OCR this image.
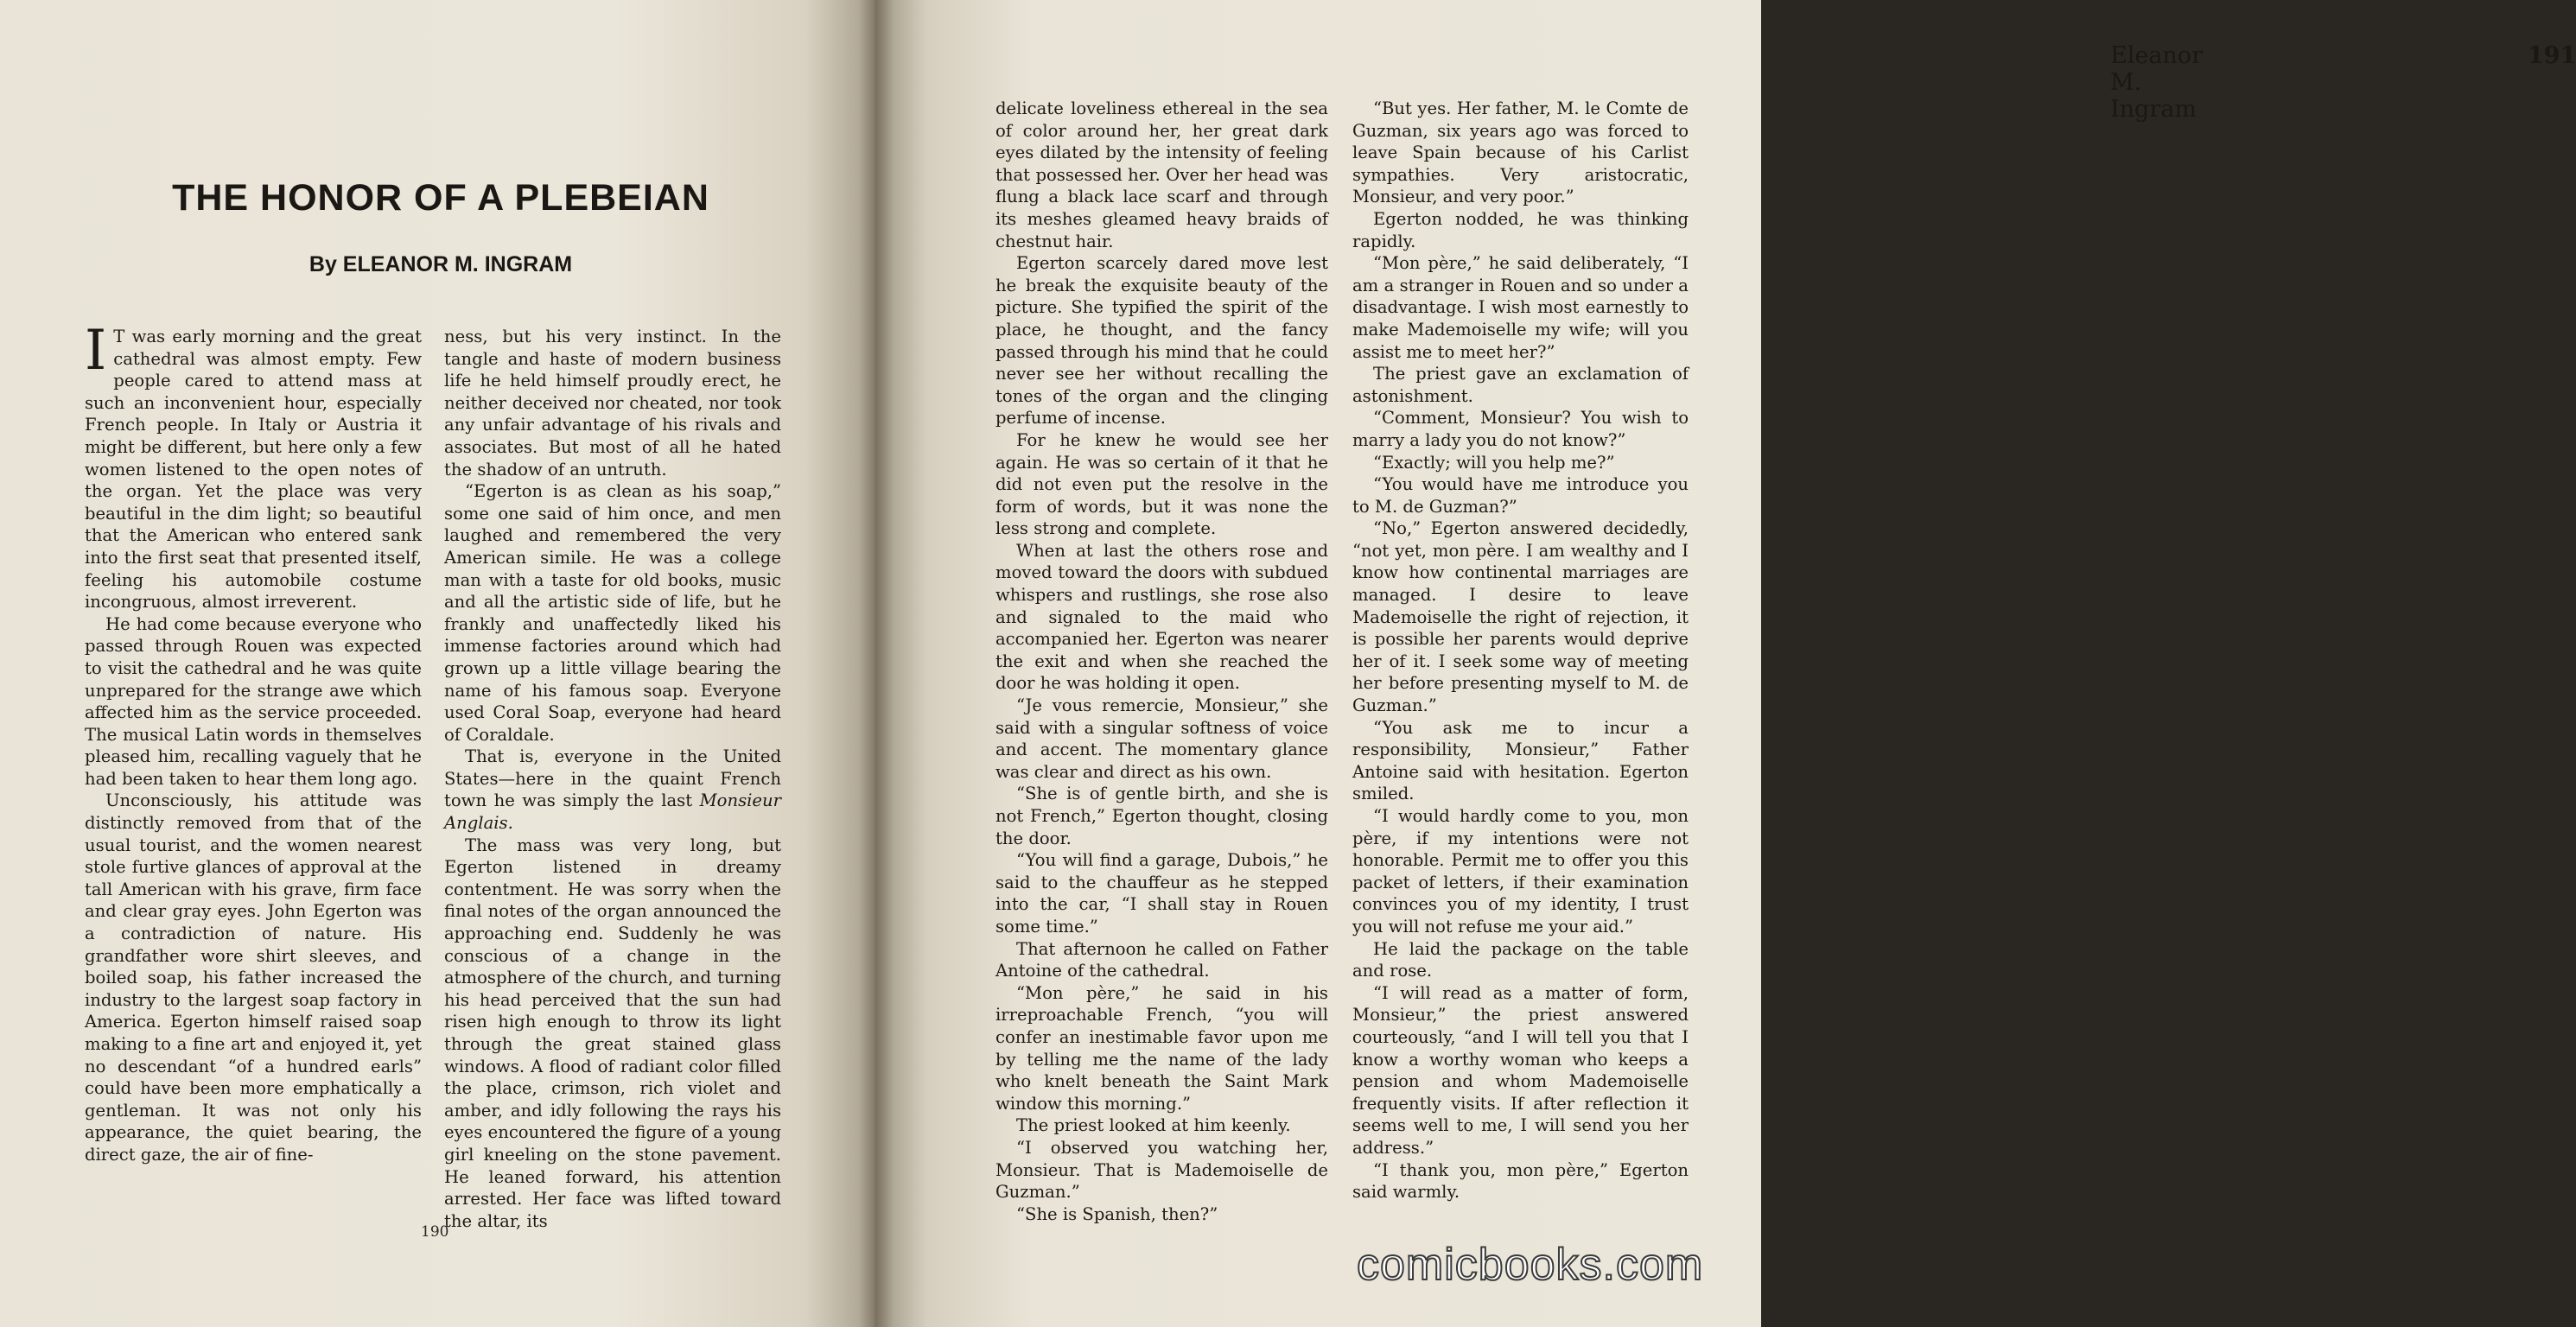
THE HONOR OF A PLEBEIAN
By ELEANOR M. INGRAM

I T was early morning and the great cathedral was almost empty. Few people cared to attend mass at such an inconvenient hour, especially French people. In Italy or Austria it might be different, but here only a few women listened to the open notes of the organ. Yet the place was very beautiful in the dim light; so beautiful that the American who entered sank into the first seat that presented itself, feeling his automobile costume incongruous, almost irreverent.

He had come because everyone who passed through Rouen was expected to visit the cathedral and he was quite unprepared for the strange awe which affected him as the service proceeded. The musical Latin words in themselves pleased him, recalling vaguely that he had been taken to hear them long ago.

Unconsciously, his attitude was distinctly removed from that of the usual tourist, and the women nearest stole furtive glances of approval at the tall American with his grave, firm face and clear gray eyes. John Egerton was a contradiction of nature. His grandfather wore shirt sleeves, and boiled soap, his father increased the industry to the largest soap factory in America. Egerton himself raised soap making to a fine art and enjoyed it, yet no descendant “of a hundred earls” could have been more emphatically a gentleman. It was not only his appearance, the quiet bearing, the direct gaze, the air of fine-

ness, but his very instinct. In the tangle and haste of modern business life he held himself proudly erect, he neither deceived nor cheated, nor took any unfair advantage of his rivals and associates. But most of all he hated the shadow of an untruth.

“Egerton is as clean as his soap,” some one said of him once, and men laughed and remembered the very American simile. He was a college man with a taste for old books, music and all the artistic side of life, but he frankly and unaffectedly liked his immense factories around which had grown up a little village bearing the name of his famous soap. Everyone used Coral Soap, everyone had heard of Coraldale.

That is, everyone in the United States—here in the quaint French town he was simply the last Monsieur Anglais.

The mass was very long, but Egerton listened in dreamy contentment. He was sorry when the final notes of the organ announced the approaching end. Suddenly he was conscious of a change in the atmosphere of the church, and turning his head perceived that the sun had risen high enough to throw its light through the great stained glass windows. A flood of radiant color filled the place, crimson, rich violet and amber, and idly following the rays his eyes encountered the figure of a young girl kneeling on the stone pavement. He leaned forward, his attention arrested. Her face was lifted toward the altar, its

190
Eleanor M. Ingram
191

delicate loveliness ethereal in the sea of color around her, her great dark eyes dilated by the intensity of feeling that possessed her. Over her head was flung a black lace scarf and through its meshes gleamed heavy braids of chestnut hair.

Egerton scarcely dared move lest he break the exquisite beauty of the picture. She typified the spirit of the place, he thought, and the fancy passed through his mind that he could never see her without recalling the tones of the organ and the clinging perfume of incense.

For he knew he would see her again. He was so certain of it that he did not even put the resolve in the form of words, but it was none the less strong and complete.

When at last the others rose and moved toward the doors with subdued whispers and rustlings, she rose also and signaled to the maid who accompanied her. Egerton was nearer the exit and when she reached the door he was holding it open.

“Je vous remercie, Monsieur,” she said with a singular softness of voice and accent. The momentary glance was clear and direct as his own.

“She is of gentle birth, and she is not French,” Egerton thought, closing the door.

“You will find a garage, Dubois,” he said to the chauffeur as he stepped into the car, “I shall stay in Rouen some time.”

That afternoon he called on Father Antoine of the cathedral.

“Mon père,” he said in his irreproachable French, “you will confer an inestimable favor upon me by telling me the name of the lady who knelt beneath the Saint Mark window this morning.”

The priest looked at him keenly.

“I observed you watching her, Monsieur. That is Mademoiselle de Guzman.”

“She is Spanish, then?”

“But yes. Her father, M. le Comte de Guzman, six years ago was forced to leave Spain because of his Carlist sympathies. Very aristocratic, Monsieur, and very poor.”

Egerton nodded, he was thinking rapidly.

“Mon père,” he said deliberately, “I am a stranger in Rouen and so under a disadvantage. I wish most earnestly to make Mademoiselle my wife; will you assist me to meet her?”

The priest gave an exclamation of astonishment.

“Comment, Monsieur? You wish to marry a lady you do not know?”

“Exactly; will you help me?”

“You would have me introduce you to M. de Guzman?”

“No,” Egerton answered decidedly, “not yet, mon père. I am wealthy and I know how continental marriages are managed. I desire to leave Mademoiselle the right of rejection, it is possible her parents would deprive her of it. I seek some way of meeting her before presenting myself to M. de Guzman.”

“You ask me to incur a responsibility, Monsieur,” Father Antoine said with hesitation. Egerton smiled.

“I would hardly come to you, mon père, if my intentions were not honorable. Permit me to offer you this packet of letters, if their examination convinces you of my identity, I trust you will not refuse me your aid.”

He laid the package on the table and rose.

“I will read as a matter of form, Monsieur,” the priest answered courteously, “and I will tell you that I know a worthy woman who keeps a pension and whom Mademoiselle frequently visits. If after reflection it seems well to me, I will send you her address.”

“I thank you, mon père,” Egerton said warmly.

comicbooks.com
